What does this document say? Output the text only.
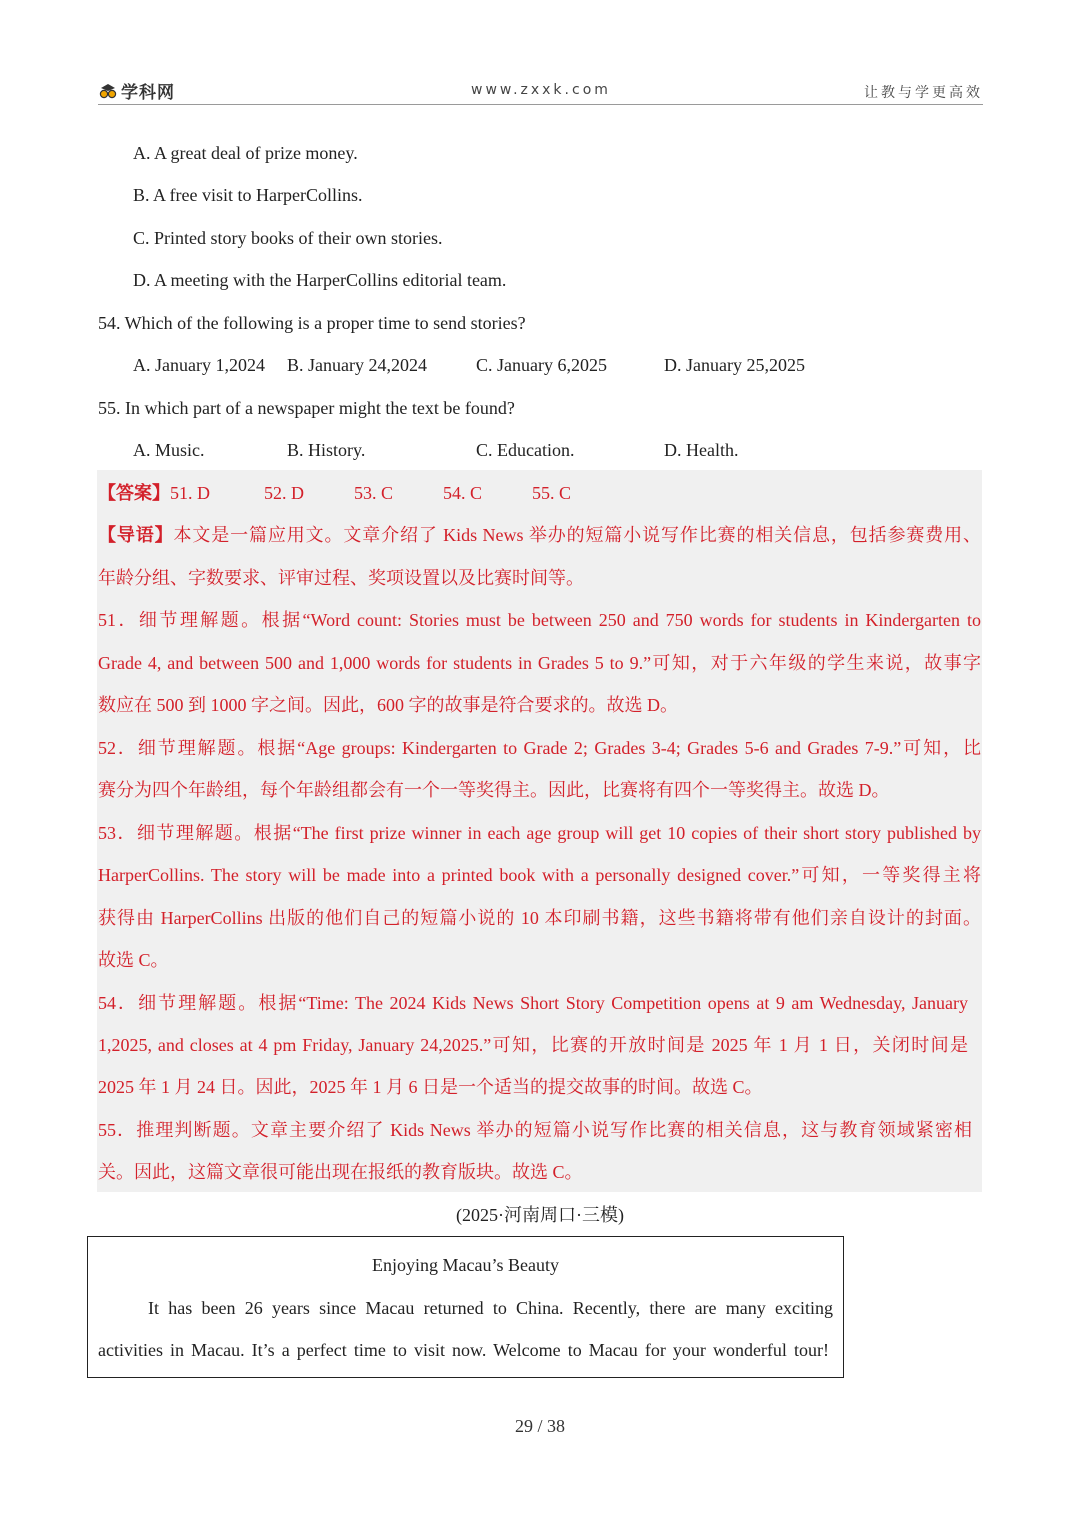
学科网	www.zxxk.com	让教与学更高效
A. A great deal of prize money.
B. A free visit to HarperCollins.
C. Printed story books of their own stories.
D. A meeting with the HarperCollins editorial team.
54. Which of the following is a proper time to send stories?
A. January 1,2024 B. January 24,2024	C. January 6,2025	D. January 25,2025
55. In which part of a newspaper might the text be found?
A. Music.	B. History.	C. Education.	D. Health.
【答案】51. D	52. D	53. C	54. C	55. C
【导语】本文是一篇应用文。文章介绍了 Kids News 举办的短篇小说写作比赛的相关信息，包括参赛费用、
年龄分组、字数要求、评审过程、奖项设置以及比赛时间等。
51．细节理解题。根据“Word count: Stories must be between 250 and 750 words for students in Kindergarten to
Grade 4, and between 500 and 1,000 words for students in Grades 5 to 9.”可知，对于六年级的学生来说，故事字
数应在 500 到 1000 字之间。因此，600 字的故事是符合要求的。故选 D。
52．细节理解题。根据“Age groups: Kindergarten to Grade 2; Grades 3-4; Grades 5-6 and Grades 7-9.”可知，比
赛分为四个年龄组，每个年龄组都会有一个一等奖得主。因此，比赛将有四个一等奖得主。故选 D。
53．细节理解题。根据“The first prize winner in each age group will get 10 copies of their short story published by
HarperCollins. The story will be made into a printed book with a personally designed cover.”可知，一等奖得主将
获得由 HarperCollins 出版的他们自己的短篇小说的 10 本印刷书籍，这些书籍将带有他们亲自设计的封面。
故选 C。
54．细节理解题。根据“Time: The 2024 Kids News Short Story Competition opens at 9 am Wednesday, January
1,2025, and closes at 4 pm Friday, January 24,2025.”可知，比赛的开放时间是 2025 年 1 月 1 日，关闭时间是
2025 年 1 月 24 日。因此，2025 年 1 月 6 日是一个适当的提交故事的时间。故选 C。
55．推理判断题。文章主要介绍了 Kids News 举办的短篇小说写作比赛的相关信息，这与教育领域紧密相
关。因此，这篇文章很可能出现在报纸的教育版块。故选 C。
(2025·河南周口·三模)
Enjoying Macau’s Beauty
It has been 26 years since Macau returned to China. Recently, there are many exciting
activities in Macau. It’s a perfect time to visit now. Welcome to Macau for your wonderful tour!
29 / 38
